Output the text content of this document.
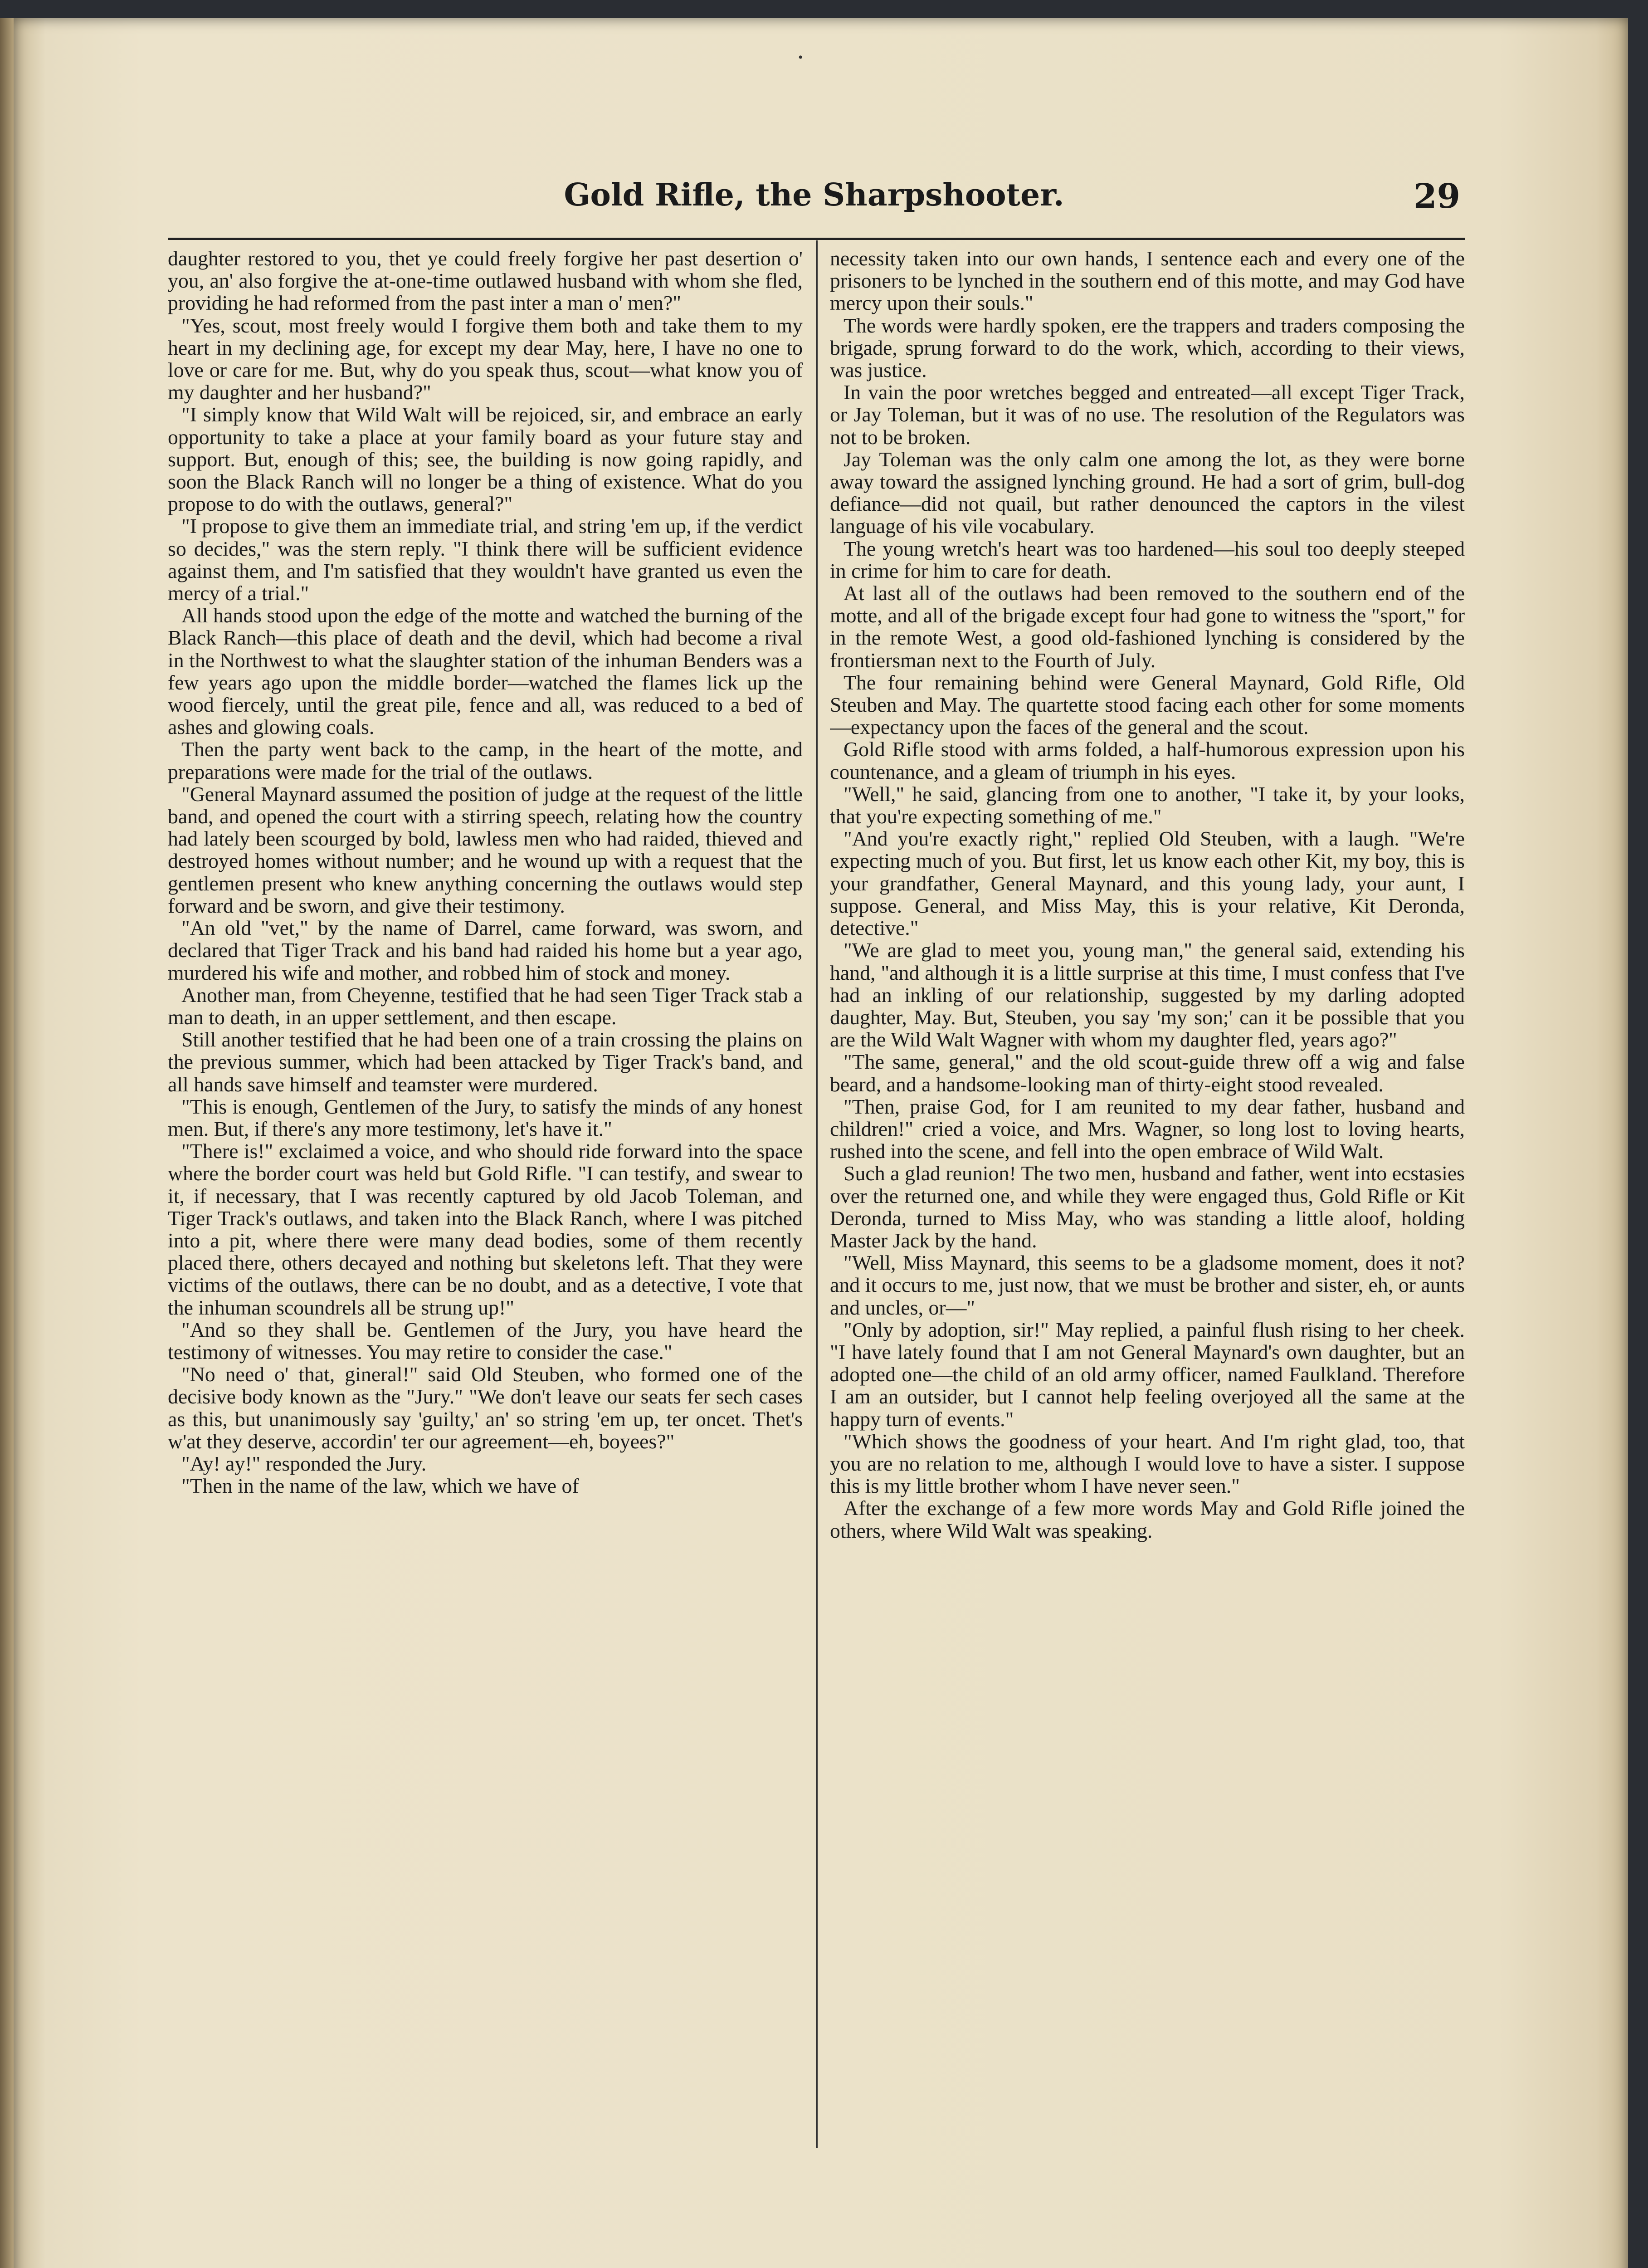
•
Gold Rifle, the Sharpshooter.	29

daughter restored to you, thet ye could freely forgive her past desertion o' you, an' also forgive the at-one-time outlawed husband with whom she fled, providing he had reformed from the past inter a man o' men?"

"Yes, scout, most freely would I forgive them both and take them to my heart in my declining age, for except my dear May, here, I have no one to love or care for me. But, why do you speak thus, scout—what know you of my daughter and her husband?"

"I simply know that Wild Walt will be rejoiced, sir, and embrace an early opportunity to take a place at your family board as your future stay and support. But, enough of this; see, the building is now going rapidly, and soon the Black Ranch will no longer be a thing of existence. What do you propose to do with the outlaws, general?"

"I propose to give them an immediate trial, and string 'em up, if the verdict so decides," was the stern reply. "I think there will be sufficient evidence against them, and I'm satisfied that they wouldn't have granted us even the mercy of a trial."

All hands stood upon the edge of the motte and watched the burning of the Black Ranch—this place of death and the devil, which had become a rival in the Northwest to what the slaughter station of the inhuman Benders was a few years ago upon the middle border—watched the flames lick up the wood fiercely, until the great pile, fence and all, was reduced to a bed of ashes and glowing coals.

Then the party went back to the camp, in the heart of the motte, and preparations were made for the trial of the outlaws.

"General Maynard assumed the position of judge at the request of the little band, and opened the court with a stirring speech, relating how the country had lately been scourged by bold, lawless men who had raided, thieved and destroyed homes without number; and he wound up with a request that the gentlemen present who knew anything concerning the outlaws would step forward and be sworn, and give their testimony.

"An old "vet," by the name of Darrel, came forward, was sworn, and declared that Tiger Track and his band had raided his home but a year ago, murdered his wife and mother, and robbed him of stock and money.

Another man, from Cheyenne, testified that he had seen Tiger Track stab a man to death, in an upper settlement, and then escape.

Still another testified that he had been one of a train crossing the plains on the previous summer, which had been attacked by Tiger Track's band, and all hands save himself and teamster were murdered.

"This is enough, Gentlemen of the Jury, to satisfy the minds of any honest men. But, if there's any more testimony, let's have it."

"There is!" exclaimed a voice, and who should ride forward into the space where the border court was held but Gold Rifle. "I can testify, and swear to it, if necessary, that I was recently captured by old Jacob Toleman, and Tiger Track's outlaws, and taken into the Black Ranch, where I was pitched into a pit, where there were many dead bodies, some of them recently placed there, others decayed and nothing but skeletons left. That they were victims of the outlaws, there can be no doubt, and as a detective, I vote that the inhuman scoundrels all be strung up!"

"And so they shall be. Gentlemen of the Jury, you have heard the testimony of witnesses. You may retire to consider the case."

"No need o' that, gineral!" said Old Steuben, who formed one of the decisive body known as the "Jury." "We don't leave our seats fer sech cases as this, but unanimously say 'guilty,' an' so string 'em up, ter oncet. Thet's w'at they deserve, accordin' ter our agreement—eh, boyees?"

"Ay! ay!" responded the Jury.

"Then in the name of the law, which we have of

necessity taken into our own hands, I sentence each and every one of the prisoners to be lynched in the southern end of this motte, and may God have mercy upon their souls."

The words were hardly spoken, ere the trappers and traders composing the brigade, sprung forward to do the work, which, according to their views, was justice.

In vain the poor wretches begged and entreated—all except Tiger Track, or Jay Toleman, but it was of no use. The resolution of the Regulators was not to be broken.

Jay Toleman was the only calm one among the lot, as they were borne away toward the assigned lynching ground. He had a sort of grim, bull-dog defiance—did not quail, but rather denounced the captors in the vilest language of his vile vocabulary.

The young wretch's heart was too hardened—his soul too deeply steeped in crime for him to care for death.

At last all of the outlaws had been removed to the southern end of the motte, and all of the brigade except four had gone to witness the "sport," for in the remote West, a good old-fashioned lynching is considered by the frontiersman next to the Fourth of July.

The four remaining behind were General Maynard, Gold Rifle, Old Steuben and May. The quartette stood facing each other for some moments—expectancy upon the faces of the general and the scout.

Gold Rifle stood with arms folded, a half-humorous expression upon his countenance, and a gleam of triumph in his eyes.

"Well," he said, glancing from one to another, "I take it, by your looks, that you're expecting something of me."

"And you're exactly right," replied Old Steuben, with a laugh. "We're expecting much of you. But first, let us know each other Kit, my boy, this is your grandfather, General Maynard, and this young lady, your aunt, I suppose. General, and Miss May, this is your relative, Kit Deronda, detective."

"We are glad to meet you, young man," the general said, extending his hand, "and although it is a little surprise at this time, I must confess that I've had an inkling of our relationship, suggested by my darling adopted daughter, May. But, Steuben, you say 'my son;' can it be possible that you are the Wild Walt Wagner with whom my daughter fled, years ago?"

"The same, general," and the old scout-guide threw off a wig and false beard, and a handsome-looking man of thirty-eight stood revealed.

"Then, praise God, for I am reunited to my dear father, husband and children!" cried a voice, and Mrs. Wagner, so long lost to loving hearts, rushed into the scene, and fell into the open embrace of Wild Walt.

Such a glad reunion! The two men, husband and father, went into ecstasies over the returned one, and while they were engaged thus, Gold Rifle or Kit Deronda, turned to Miss May, who was standing a little aloof, holding Master Jack by the hand.

"Well, Miss Maynard, this seems to be a gladsome moment, does it not? and it occurs to me, just now, that we must be brother and sister, eh, or aunts and uncles, or—"

"Only by adoption, sir!" May replied, a painful flush rising to her cheek. "I have lately found that I am not General Maynard's own daughter, but an adopted one—the child of an old army officer, named Faulkland. Therefore I am an outsider, but I cannot help feeling overjoyed all the same at the happy turn of events."

"Which shows the goodness of your heart. And I'm right glad, too, that you are no relation to me, although I would love to have a sister. I suppose this is my little brother whom I have never seen."

After the exchange of a few more words May and Gold Rifle joined the others, where Wild Walt was speaking.
